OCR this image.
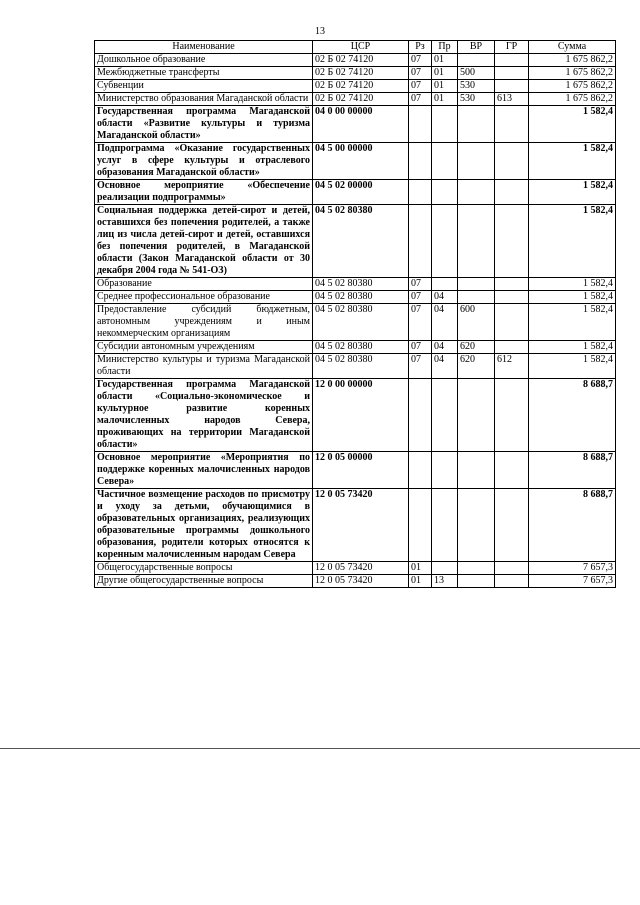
13
Наименование	ЦСР	Рз	Пр	ВР	ГР	Сумма
Дошкольное образование	02 Б 02 74120	07	01			1 675 862,2
Межбюджетные трансферты	02 Б 02 74120	07	01	500		1 675 862,2
Субвенции	02 Б 02 74120	07	01	530		1 675 862,2
Министерство образования Магаданской области	02 Б 02 74120	07	01	530	613	1 675 862,2
Государственная программа Магаданской области «Развитие культуры и туризма Магаданской области»	04 0 00 00000					1 582,4
Подпрограмма «Оказание государственных услуг в сфере культуры и отраслевого образования Магаданской области»	04 5 00 00000					1 582,4
Основное мероприятие «Обеспечение реализации подпрограммы»	04 5 02 00000					1 582,4
Социальная поддержка детей-сирот и детей, оставшихся без попечения родителей, а также лиц из числа детей-сирот и детей, оставшихся без попечения родителей, в Магаданской области (Закон Магаданской области от 30 декабря 2004 года № 541-ОЗ)	04 5 02 80380					1 582,4
Образование	04 5 02 80380	07				1 582,4
Среднее профессиональное образование	04 5 02 80380	07	04			1 582,4
Предоставление субсидий бюджетным, автономным учреждениям и иным некоммерческим организациям	04 5 02 80380	07	04	600		1 582,4
Субсидии автономным учреждениям	04 5 02 80380	07	04	620		1 582,4
Министерство культуры и туризма Магаданской области	04 5 02 80380	07	04	620	612	1 582,4
Государственная программа Магаданской области «Социально-экономическое и культурное развитие коренных малочисленных народов Севера, проживающих на территории Магаданской области»	12 0 00 00000					8 688,7
Основное мероприятие «Мероприятия по поддержке коренных малочисленных народов Севера»	12 0 05 00000					8 688,7
Частичное возмещение расходов по присмотру и уходу за детьми, обучающимися в образовательных организациях, реализующих образовательные программы дошкольного образования, родители которых относятся к коренным малочисленным народам Севера	12 0 05 73420					8 688,7
Общегосударственные вопросы	12 0 05 73420	01				7 657,3
Другие общегосударственные вопросы	12 0 05 73420	01	13			7 657,3
